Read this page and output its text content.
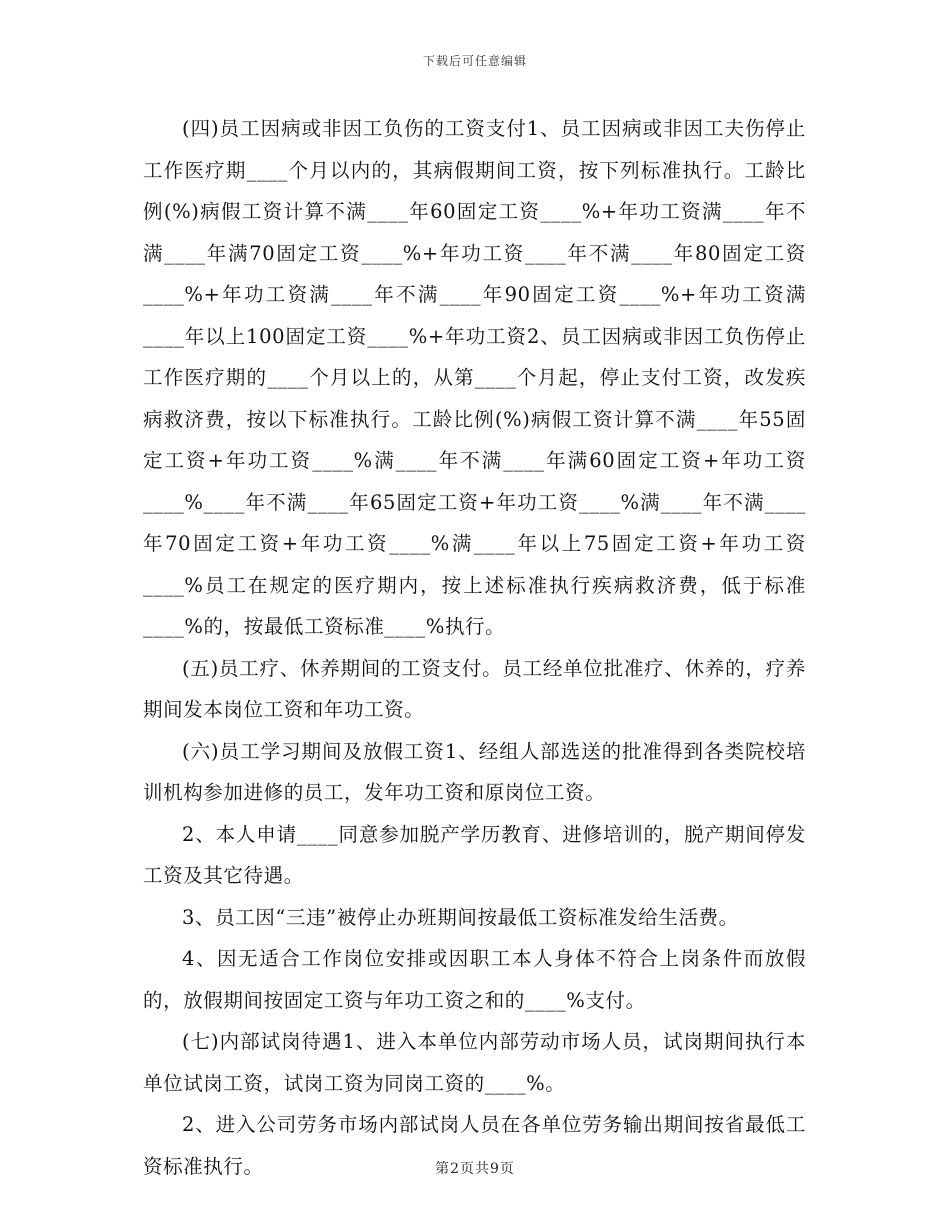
下载后可任意编辑

(四)员工因病或非因工负伤的工资支付1、员工因病或非因工夫伤停止工作医疗期____个月以内的，其病假期间工资，按下列标准执行。工龄比例(%)病假工资计算不满____年60固定工资____%+年功工资满____年不满____年满70固定工资____%+年功工资____年不满____年80固定工资____%+年功工资满____年不满____年90固定工资____%+年功工资满____年以上100固定工资____%+年功工资2、员工因病或非因工负伤停止工作医疗期的____个月以上的，从第____个月起，停止支付工资，改发疾病救济费，按以下标准执行。工龄比例(%)病假工资计算不满____年55固定工资+年功工资____%满____年不满____年满60固定工资+年功工资____%____年不满____年65固定工资+年功工资____%满____年不满____年70固定工资+年功工资____%满____年以上75固定工资+年功工资____%员工在规定的医疗期内，按上述标准执行疾病救济费，低于标准____%的，按最低工资标准____%执行。

(五)员工疗、休养期间的工资支付。员工经单位批准疗、休养的，疗养期间发本岗位工资和年功工资。

(六)员工学习期间及放假工资1、经组人部选送的批准得到各类院校培训机构参加进修的员工，发年功工资和原岗位工资。

2、本人申请____同意参加脱产学历教育、进修培训的，脱产期间停发工资及其它待遇。

3、员工因“三违”被停止办班期间按最低工资标准发给生活费。

4、因无适合工作岗位安排或因职工本人身体不符合上岗条件而放假的，放假期间按固定工资与年功工资之和的____%支付。

(七)内部试岗待遇1、进入本单位内部劳动市场人员，试岗期间执行本单位试岗工资，试岗工资为同岗工资的____%。

2、进入公司劳务市场内部试岗人员在各单位劳务输出期间按省最低工资标准执行。	第2页共9页
